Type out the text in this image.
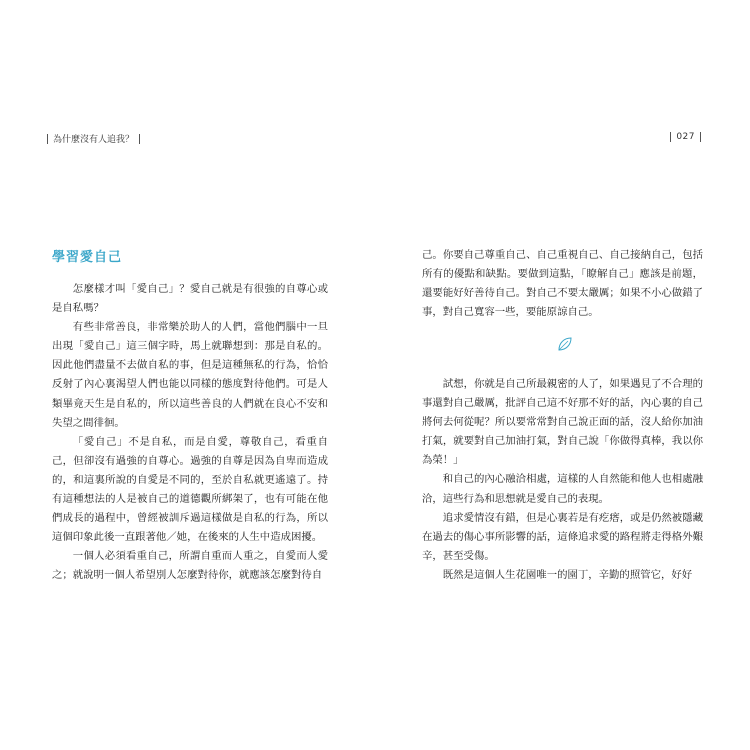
為什麼沒有人追我？
學習愛自己

怎麼樣才叫「愛自己」？愛自己就是有很強的自尊心或是自私嗎？

有些非常善良，非常樂於助人的人們，當他們腦中一旦出現「愛自己」這三個字時，馬上就聯想到：那是自私的。因此他們盡量不去做自私的事，但是這種無私的行為，恰恰反射了內心裏渴望人們也能以同樣的態度對待他們。可是人類畢竟天生是自私的，所以這些善良的人們就在良心不安和失望之間徘徊。

「愛自己」不是自私，而是自愛，尊敬自己，看重自己，但卻沒有過強的自尊心。過強的自尊是因為自卑而造成的，和這裏所說的自愛是不同的，至於自私就更遙遠了。持有這種想法的人是被自己的道德觀所綁架了，也有可能在他們成長的過程中，曾經被訓斥過這樣做是自私的行為，所以這個印象此後一直跟著他／她，在後來的人生中造成困擾。

一個人必須看重自己，所謂自重而人重之，自愛而人愛之；就說明一個人希望別人怎麼對待你，就應該怎麼對待自

027

己。你要自己尊重自己、自己重視自己、自己接納自己，包括所有的優點和缺點。要做到這點，「瞭解自己」應該是前題，還要能好好善待自己。對自己不要太嚴厲；如果不小心做錯了事，對自己寬容一些，要能原諒自己。

試想，你就是自己所最親密的人了，如果遇見了不合理的事還對自己嚴厲，批評自己這不好那不好的話，內心裏的自己將何去何從呢？所以要常常對自己說正面的話，沒人給你加油打氣，就要對自己加油打氣，對自己說「你做得真棒，我以你為榮！」

和自己的內心融洽相處，這樣的人自然能和他人也相處融洽，這些行為和思想就是愛自己的表現。

追求愛情沒有錯，但是心裏若是有疙瘩，或是仍然被隱藏在過去的傷心事所影響的話，這條追求愛的路程將走得格外艱辛，甚至受傷。

既然是這個人生花園唯一的園丁，辛勤的照管它，好好
